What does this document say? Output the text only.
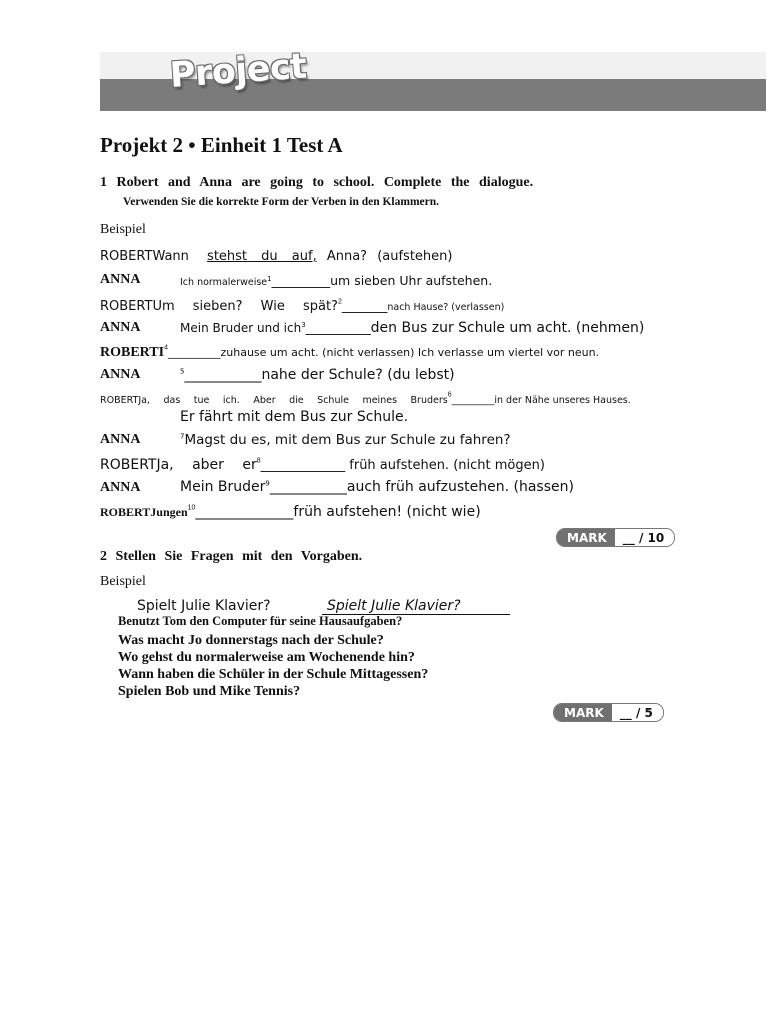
Project
Projekt 2 • Einheit 1 Test A
1 Robert and Anna are going to school. Complete the dialogue.
Verwenden Sie die korrekte Form der Verben in den Klammern.
Beispiel
ROBERTWann stehst du auf, Anna? (aufstehen)
ANNA	Ich normalerweise$^1$_________um sieben Uhr aufstehen.
ROBERTUm sieben? Wie spät?$^2$_______nach Hause? (verlassen)
ANNA	Mein Bruder und ich$^3$__________den Bus zur Schule um acht. (nehmen)
ROBERTI$^4$__________zuhause um acht. (nicht verlassen) Ich verlasse um viertel vor neun.
ANNA	$^5$___________nahe der Schule? (du lebst)
ROBERTJa, das tue ich. Aber die Schule meines Bruders$^6$_________in der Nähe unseres Hauses.
Er fährt mit dem Bus zur Schule.
ANNA	$^7$Magst du es, mit dem Bus zur Schule zu fahren?
ROBERTJa, aber $er^8\_\_\_\_\_\_\_\_\_\_\_\_\_$ früh aufstehen. (nicht mögen)
ANNA	Mein Bruder$^9$___________auch früh aufzustehen. (hassen)
ROBERTJungen$^{10}$______________früh aufstehen! (nicht wie)
MARK	__ / 10
2 Stellen Sie Fragen mit den Vorgaben.
Beispiel
Spielt Julie Klavier?	Spielt Julie Klavier?
Benutzt Tom den Computer für seine Hausaufgaben?
Was macht Jo donnerstags nach der Schule?
Wo gehst du normalerweise am Wochenende hin?
Wann haben die Schüler in der Schule Mittagessen?
Spielen Bob und Mike Tennis?
MARK	__ / 5
